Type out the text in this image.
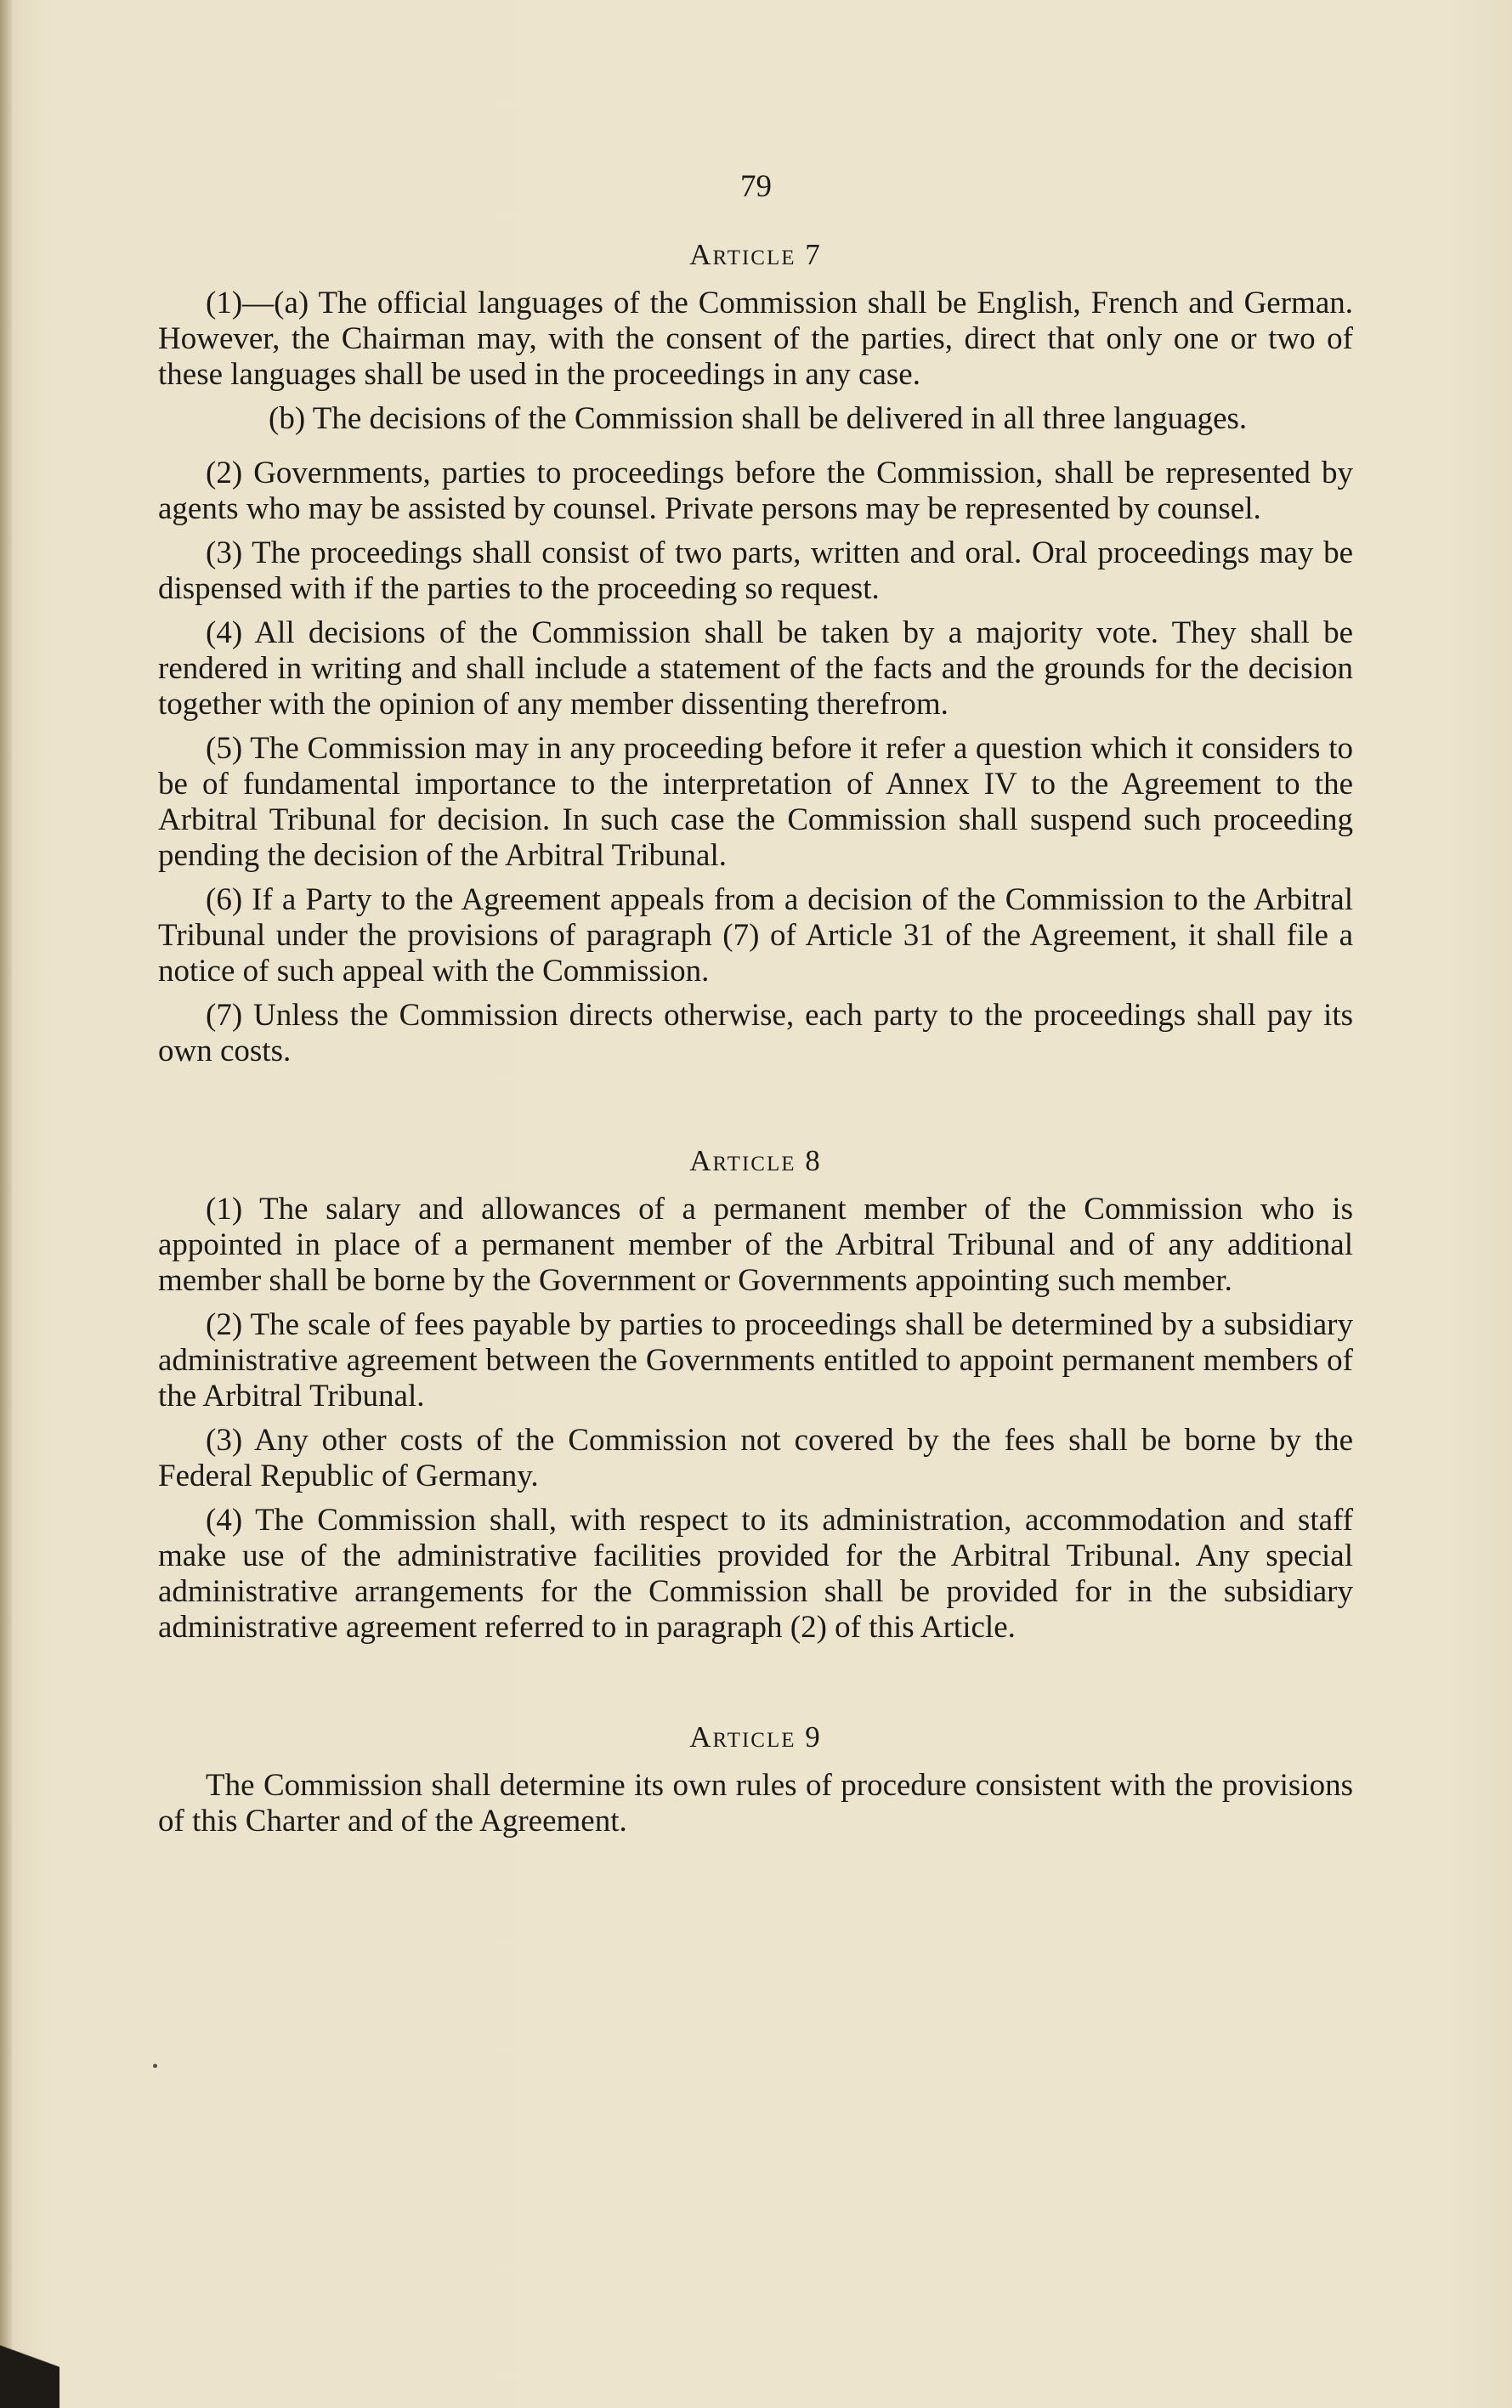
79
Article 7

(1)—(a) The official languages of the Commission shall be English, French and German. However, the Chairman may, with the consent of the parties, direct that only one or two of these languages shall be used in the proceedings in any case.

(b) The decisions of the Commission shall be delivered in all three languages.

(2) Governments, parties to proceedings before the Commission, shall be represented by agents who may be assisted by counsel. Private persons may be represented by counsel.

(3) The proceedings shall consist of two parts, written and oral. Oral proceedings may be dispensed with if the parties to the proceeding so request.

(4) All decisions of the Commission shall be taken by a majority vote. They shall be rendered in writing and shall include a statement of the facts and the grounds for the decision together with the opinion of any member dissenting therefrom.

(5) The Commission may in any proceeding before it refer a question which it considers to be of fundamental importance to the interpretation of Annex IV to the Agreement to the Arbitral Tribunal for decision. In such case the Commission shall suspend such proceeding pending the decision of the Arbitral Tribunal.

(6) If a Party to the Agreement appeals from a decision of the Commission to the Arbitral Tribunal under the provisions of paragraph (7) of Article 31 of the Agreement, it shall file a notice of such appeal with the Commission.

(7) Unless the Commission directs otherwise, each party to the proceedings shall pay its own costs.

Article 8

(1) The salary and allowances of a permanent member of the Commission who is appointed in place of a permanent member of the Arbitral Tribunal and of any additional member shall be borne by the Government or Governments appointing such member.

(2) The scale of fees payable by parties to proceedings shall be determined by a subsidiary administrative agreement between the Governments entitled to appoint permanent members of the Arbitral Tribunal.

(3) Any other costs of the Commission not covered by the fees shall be borne by the Federal Republic of Germany.

(4) The Commission shall, with respect to its administration, accommodation and staff make use of the administrative facilities provided for the Arbitral Tribunal. Any special administrative arrangements for the Commission shall be provided for in the subsidiary administrative agreement referred to in paragraph (2) of this Article.

Article 9

The Commission shall determine its own rules of procedure consistent with the provisions of this Charter and of the Agreement.
